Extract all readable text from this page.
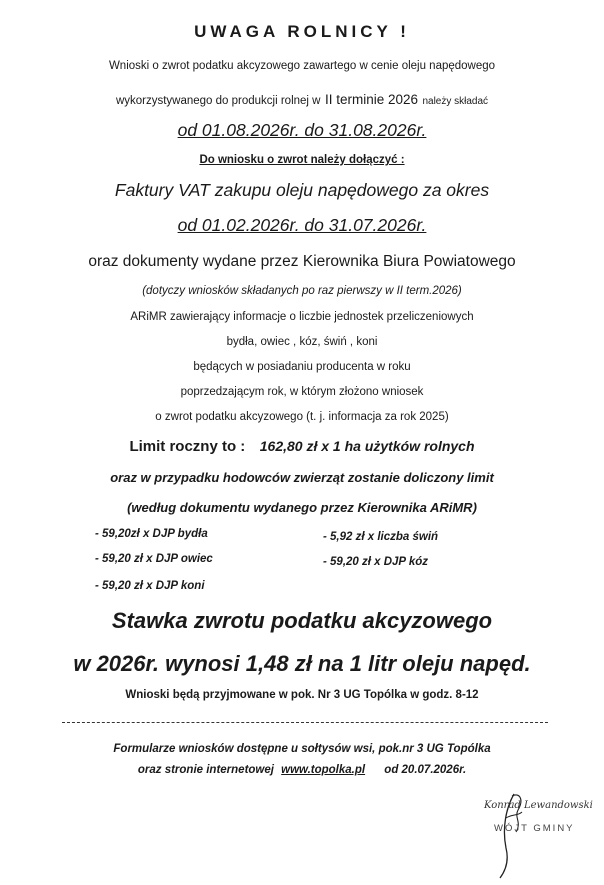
UWAGA ROLNICY !
Wnioski o zwrot podatku akcyzowego zawartego w cenie oleju napędowego
wykorzystywanego do produkcji rolnej w II terminie 2026 należy składać
od 01.08.2026r. do 31.08.2026r.
Do wniosku o zwrot należy dołączyć :
Faktury VAT zakupu oleju napędowego za okres
od 01.02.2026r. do 31.07.2026r.
oraz dokumenty wydane przez Kierownika Biura Powiatowego
(dotyczy wniosków składanych po raz pierwszy w II term.2026)
ARiMR zawierający informacje o liczbie jednostek przeliczeniowych
bydła, owiec , kóz, świń , koni
będących w posiadaniu producenta w roku
poprzedzającym rok, w którym złożono wniosek
o zwrot podatku akcyzowego (t. j. informacja za rok 2025)
Limit roczny to : 162,80 zł x 1 ha użytków rolnych
oraz w przypadku hodowców zwierząt zostanie doliczony limit
(według dokumentu wydanego przez Kierownika ARiMR)
- 59,20zł x DJP bydła
- 59,20 zł x DJP owiec
- 59,20 zł x DJP koni
- 5,92 zł x liczba świń
- 59,20 zł x DJP kóz
Stawka zwrotu podatku akcyzowego
w 2026r. wynosi 1,48 zł na 1 litr oleju napęd.
Wnioski będą przyjmowane w pok. Nr 3 UG Topólka w godz. 8-12
Formularze wniosków dostępne u sołtysów wsi, pok.nr 3 UG Topólka
oraz stronie internetowej www.topolka.pl od 20.07.2026r.
Konrad Lewandowski
WÓJT GMINY
